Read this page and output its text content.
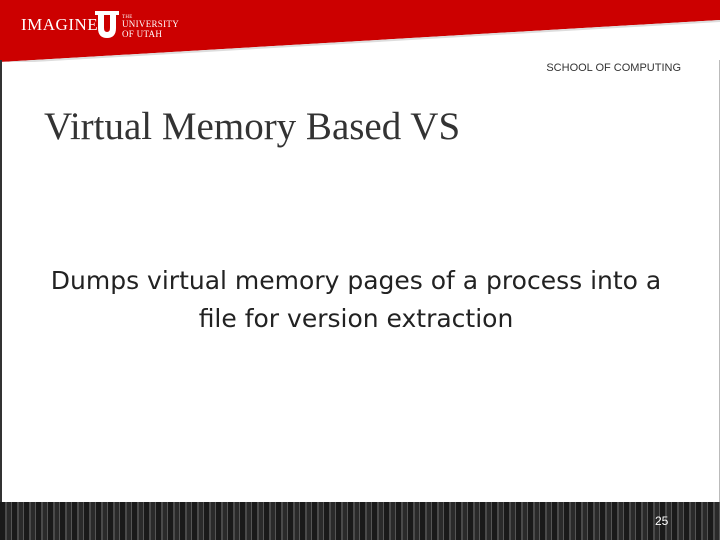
IMAGINE	THE
UNIVERSITY
OF UTAH
SCHOOL OF COMPUTING
Virtual Memory Based VS
Dumps virtual memory pages of a process into a file for version extraction
25
